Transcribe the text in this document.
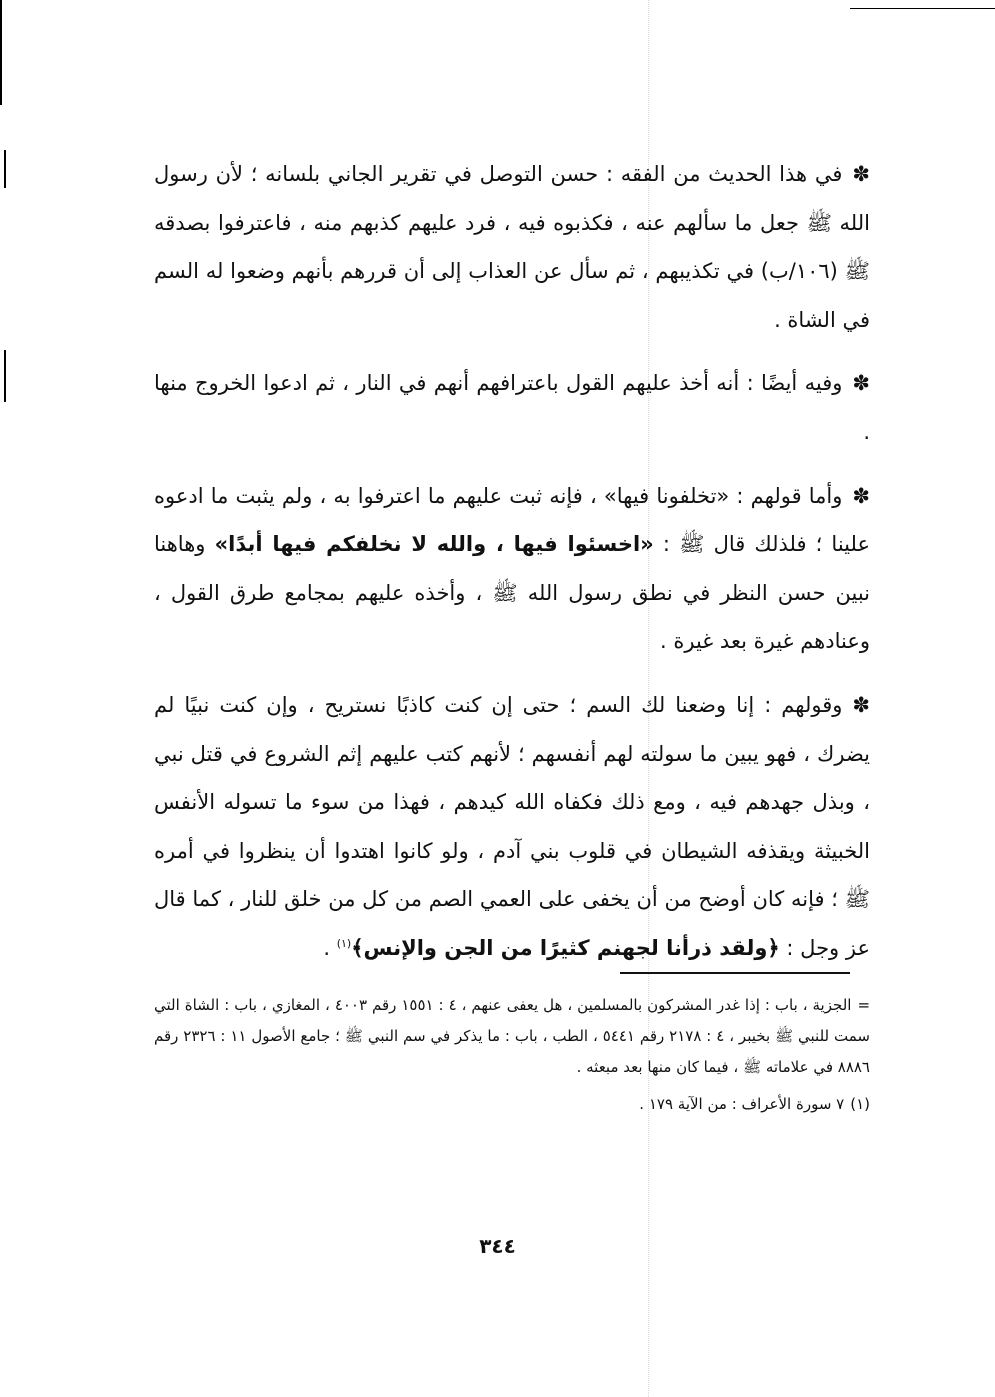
✽في هذا الحديث من الفقه : حسن التوصل في تقرير الجاني بلسانه ؛ لأن رسول الله ﷺ جعل ما سألهم عنه ، فكذبوه فيه ، فرد عليهم كذبهم منه ، فاعترفوا بصدقه ﷺ (١٠٦/ب) في تكذيبهم ، ثم سأل عن العذاب إلى أن قررهم بأنهم وضعوا له السم في الشاة .

✽وفيه أيضًا : أنه أخذ عليهم القول باعترافهم أنهم في النار ، ثم ادعوا الخروج منها .

✽وأما قولهم : «تخلفونا فيها» ، فإنه ثبت عليهم ما اعترفوا به ، ولم يثبت ما ادعوه علينا ؛ فلذلك قال ﷺ : «اخسئوا فيها ، والله لا نخلفكم فيها أبدًا» وهاهنا نبين حسن النظر في نطق رسول الله ﷺ ، وأخذه عليهم بمجامع طرق القول ، وعنادهم غيرة بعد غيرة .

✽وقولهم : إنا وضعنا لك السم ؛ حتى إن كنت كاذبًا نستريح ، وإن كنت نبيًا لم يضرك ، فهو يبين ما سولته لهم أنفسهم ؛ لأنهم كتب عليهم إثم الشروع في قتل نبي ، وبذل جهدهم فيه ، ومع ذلك فكفاه الله كيدهم ، فهذا من سوء ما تسوله الأنفس الخبيثة ويقذفه الشيطان في قلوب بني آدم ، ولو كانوا اهتدوا أن ينظروا في أمره ﷺ ؛ فإنه كان أوضح من أن يخفى على العمي الصم من كل من خلق للنار ، كما قال عز وجل : ﴿ولقد ذرأنا لجهنم كثيرًا من الجن والإنس﴾$^{(١)}$ .

=الجزية ، باب : إذا غدر المشركون بالمسلمين ، هل يعفى عنهم ، ٤ : ١٥٥١ رقم ٤٠٠٣ ، المغازي ، باب : الشاة التي سمت للنبي ﷺ بخيبر ، ٤ : ٢١٧٨ رقم ٥٤٤١ ، الطب ، باب : ما يذكر في سم النبي ﷺ ؛ جامع الأصول ١١ : ٢٣٢٦ رقم ٨٨٨٦ في علاماته ﷺ ، فيما كان منها بعد مبعثه .

(١)٧ سورة الأعراف : من الآية ١٧٩ .

٣٤٤
